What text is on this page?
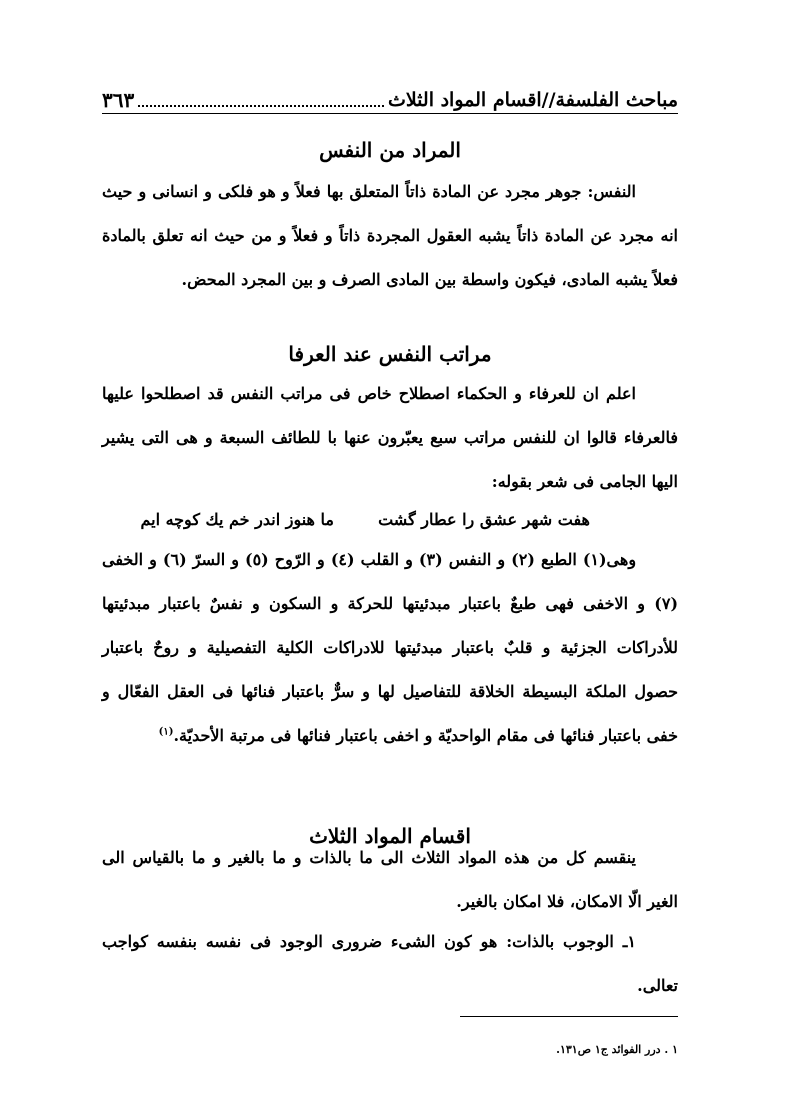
مباحث الفلسفة//اقسام المواد الثلاث
٣٦٣
المراد من النفس
النفس: جوهر مجرد عن المادة ذاتاً المتعلق بها فعلاً و هو فلكى و انسانى و حيث انه مجرد عن المادة ذاتاً يشبه العقول المجردة ذاتاً و فعلاً و من حيث انه تعلق بالمادة فعلاً يشبه المادى، فيكون واسطة بين المادى الصرف و بين المجرد المحض.
مراتب النفس عند العرفا
اعلم ان للعرفاء و الحكماء اصطلاح خاص فى مراتب النفس قد اصطلحوا عليها فالعرفاء قالوا ان للنفس مراتب سبع يعبّرون عنها با للطائف السبعة و هى التى يشير اليها الجامى فى شعر بقوله:
هفت شهر عشق را عطار گشت
ما هنوز اندر خم يك كوچه ايم
وهى(١) الطبع (٢) و النفس (٣) و القلب (٤) و الرّوح (٥) و السرّ (٦) و الخفى (٧) و الاخفى فهى طبعٌ باعتبار مبدئيتها للحركة و السكون و نفسٌ باعتبار مبدئيتها للأدراكات الجزئية و قلبٌ باعتبار مبدئيتها للادراكات الكلية التفصيلية و روحٌ باعتبار حصول الملكة البسيطة الخلاقة للتفاصيل لها و سرٌّ باعتبار فنائها فى العقل الفعّال و خفى باعتبار فنائها فى مقام الواحديّة و اخفى باعتبار فنائها فى مرتبة الأحديّة.$^{(١)}$
اقسام المواد الثلاث
ينقسم كل من هذه المواد الثلاث الى ما بالذات و ما بالغير و ما بالقياس الى الغير الّا الامكان، فلا امكان بالغير.
١ـ الوجوب بالذات: هو كون الشىء ضرورى الوجود فى نفسه بنفسه كواجب تعالى.
١ . درر الفوائد ج١ ص١٣١.
